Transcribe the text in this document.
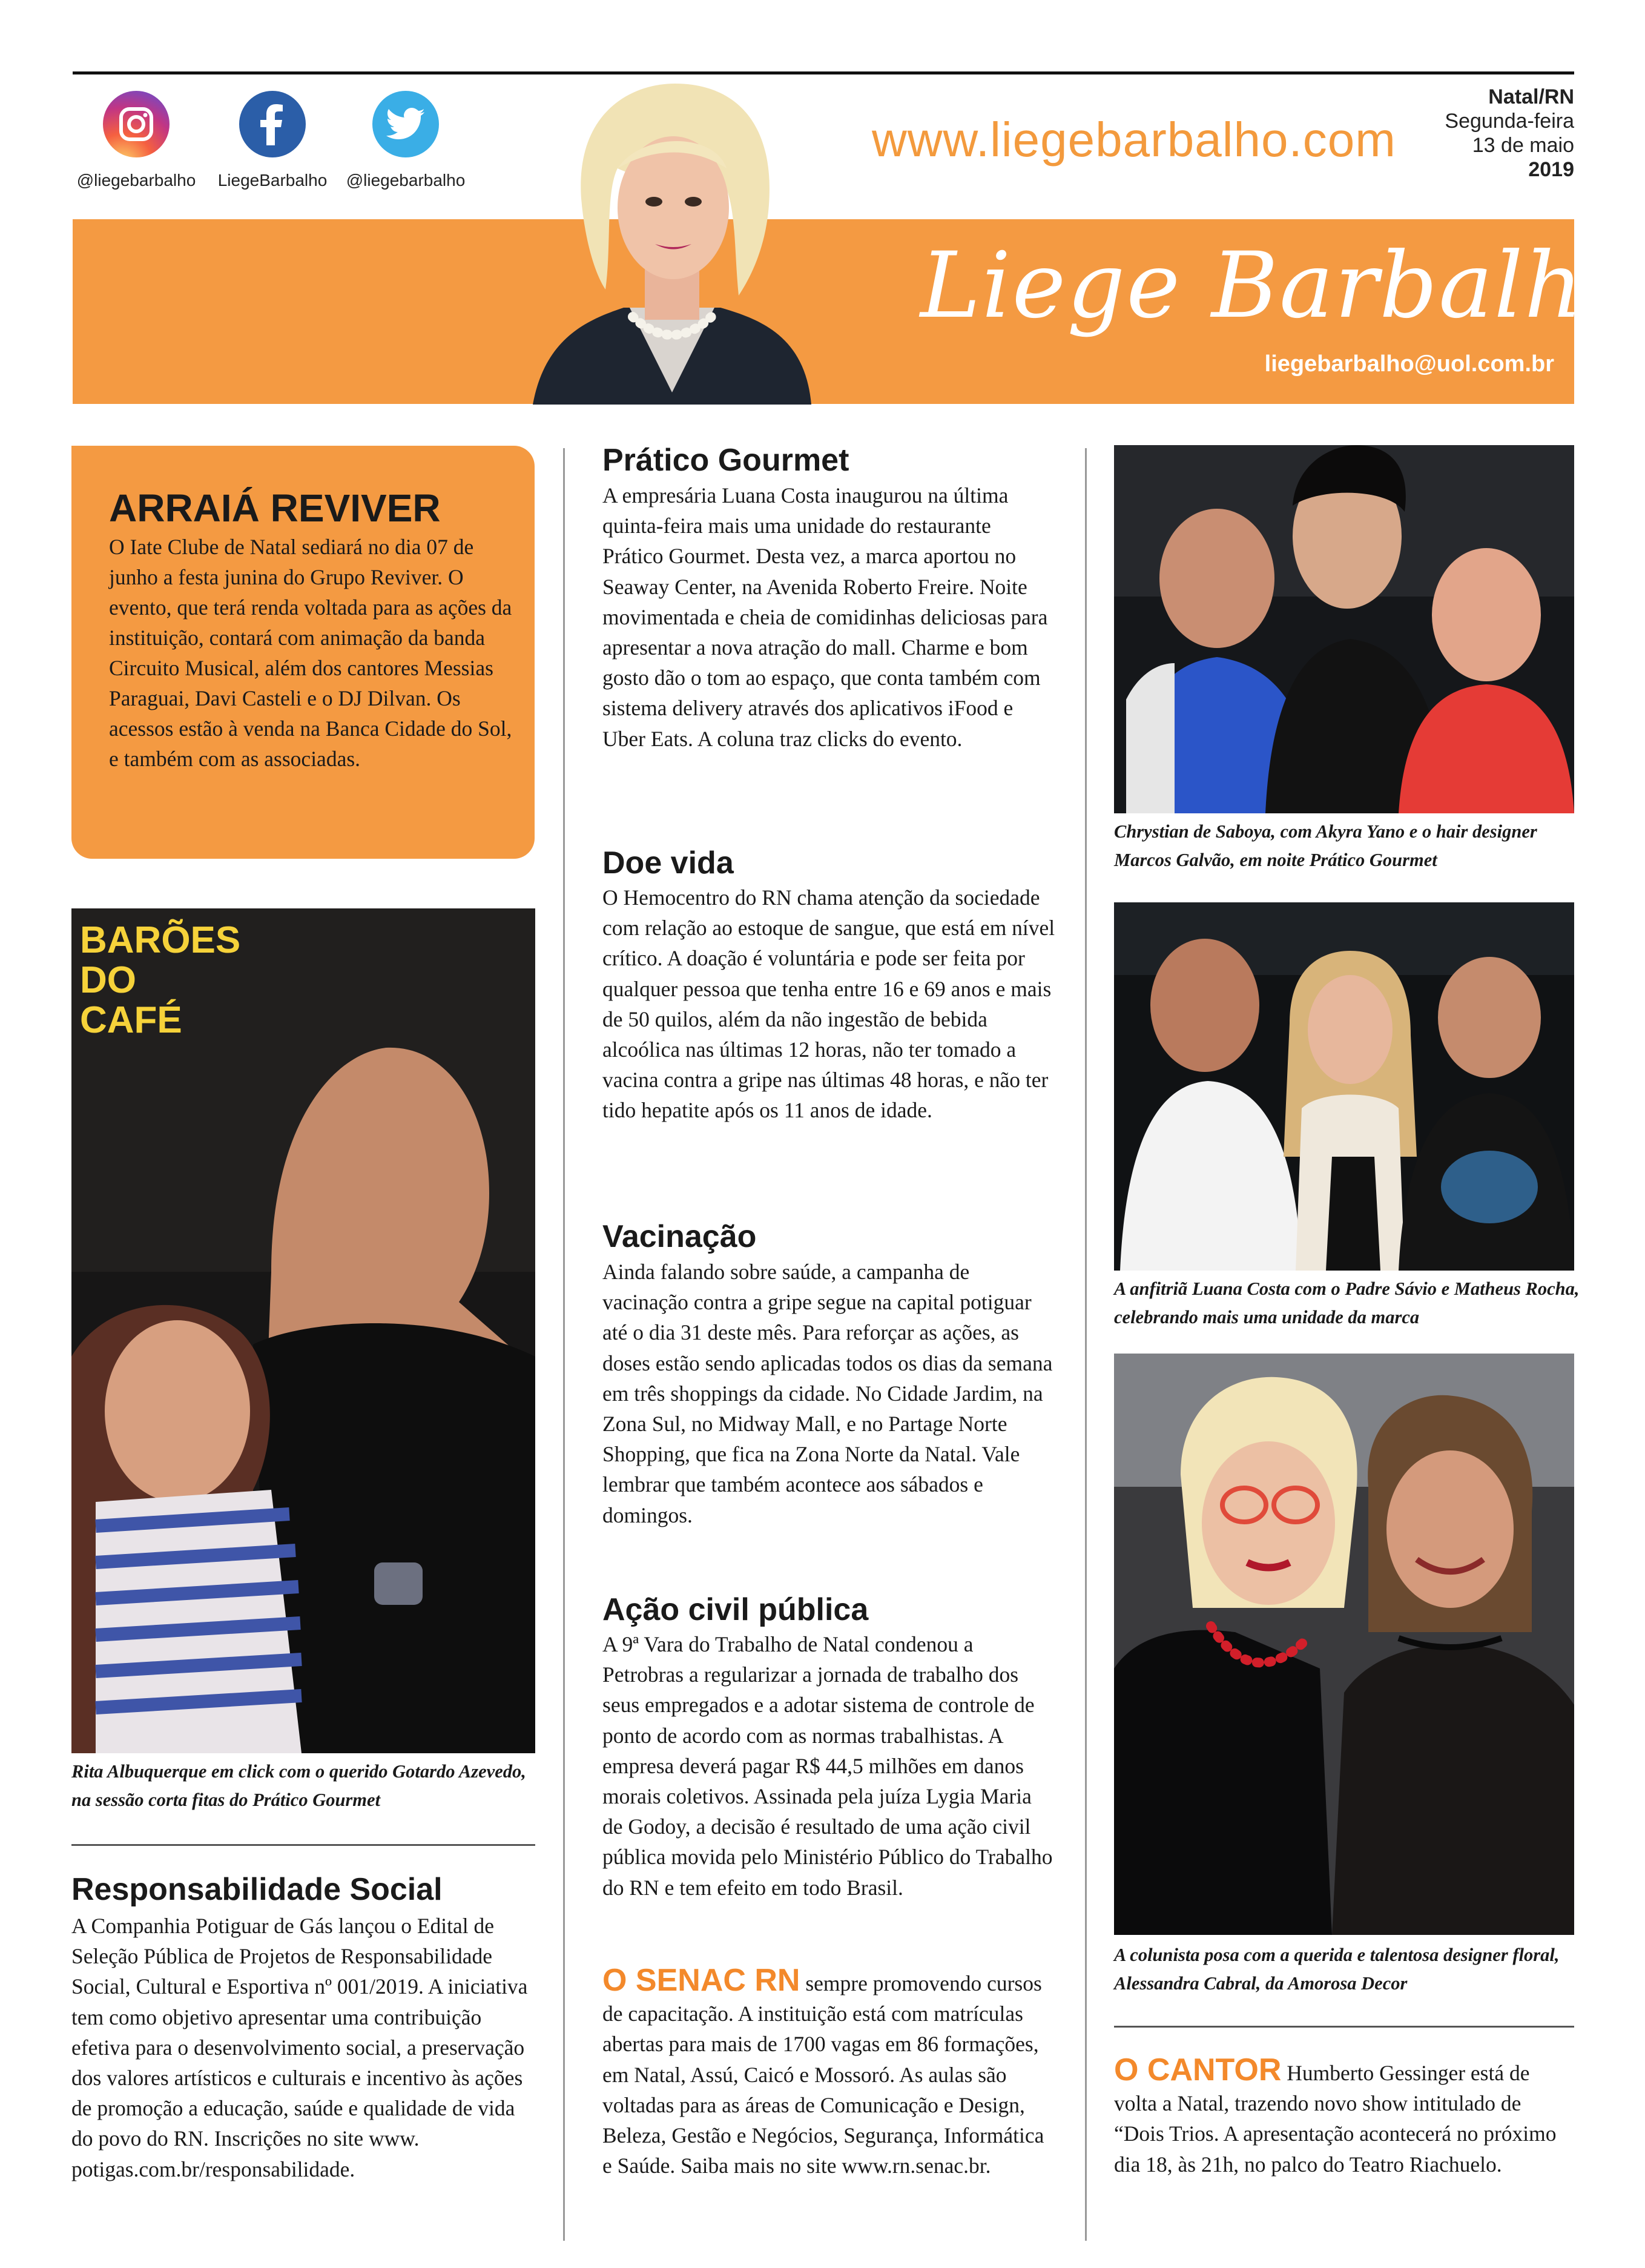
@liegebarbalho	LiegeBarbalho	@liegebarbalho
www.liegebarbalho.com
Natal/RN
Segunda-feira
13 de maio
2019
Liege Barbalho
liegebarbalho@uol.com.br
ARRAIÁ REVIVER

O Iate Clube de Natal sediará no dia 07 de junho a festa junina do Grupo Reviver. O evento, que terá renda voltada para as ações da instituição, contará com animação da banda Circuito Musical, além dos cantores Messias Paraguai, Davi Casteli e o DJ Dilvan. Os acessos estão à venda na Banca Cidade do Sol, e também com as associadas.

BARÕES DO CAFÉ
Rita Albuquerque em click com o querido Gotardo Azevedo, na sessão corta fitas do Prático Gourmet
Responsabilidade Social
A Companhia Potiguar de Gás lançou o Edital de Seleção Pública de Projetos de Responsabilidade Social, Cultural e Esportiva nº 001/2019. A iniciativa tem como objetivo apresentar uma contribuição efetiva para o desenvolvimento social, a preservação dos valores artísticos e culturais e incentivo às ações de promoção a educação, saúde e qualidade de vida do povo do RN. Inscrições no site www. potigas.com.br/responsabilidade.
Prático Gourmet
A empresária Luana Costa inaugurou na última quinta-feira mais uma unidade do restaurante Prático Gourmet. Desta vez, a marca aportou no Seaway Center, na Avenida Roberto Freire. Noite movimentada e cheia de comidinhas deliciosas para apresentar a nova atração do mall. Charme e bom gosto dão o tom ao espaço, que conta também com sistema delivery através dos aplicativos iFood e Uber Eats. A coluna traz clicks do evento.
Doe vida
O Hemocentro do RN chama atenção da sociedade com relação ao estoque de sangue, que está em nível crítico. A doação é voluntária e pode ser feita por qualquer pessoa que tenha entre 16 e 69 anos e mais de 50 quilos, além da não ingestão de bebida alcoólica nas últimas 12 horas, não ter tomado a vacina contra a gripe nas últimas 48 horas, e não ter tido hepatite após os 11 anos de idade.
Vacinação
Ainda falando sobre saúde, a campanha de vacinação contra a gripe segue na capital potiguar até o dia 31 deste mês. Para reforçar as ações, as doses estão sendo aplicadas todos os dias da semana em três shoppings da cidade. No Cidade Jardim, na Zona Sul, no Midway Mall, e no Partage Norte Shopping, que fica na Zona Norte da Natal. Vale lembrar que também acontece aos sábados e domingos.
Ação civil pública
A 9ª Vara do Trabalho de Natal condenou a Petrobras a regularizar a jornada de trabalho dos seus empregados e a adotar sistema de controle de ponto de acordo com as normas trabalhistas. A empresa deverá pagar R$ 44,5 milhões em danos morais coletivos. Assinada pela juíza Lygia Maria de Godoy, a decisão é resultado de uma ação civil pública movida pelo Ministério Público do Trabalho do RN e tem efeito em todo Brasil.
O SENAC RN sempre promovendo cursos de capacitação. A instituição está com matrículas abertas para mais de 1700 vagas em 86 formações, em Natal, Assú, Caicó e Mossoró. As aulas são voltadas para as áreas de Comunicação e Design, Beleza, Gestão e Negócios, Segurança, Informática e Saúde. Saiba mais no site www.rn.senac.br.
Chrystian de Saboya, com Akyra Yano e o hair designer Marcos Galvão, em noite Prático Gourmet
A anfitriã Luana Costa com o Padre Sávio e Matheus Rocha, celebrando mais uma unidade da marca
A colunista posa com a querida e talentosa designer floral, Alessandra Cabral, da Amorosa Decor
O CANTOR Humberto Gessinger está de volta a Natal, trazendo novo show intitulado de “Dois Trios. A apresentação acontecerá no próximo dia 18, às 21h, no palco do Teatro Riachuelo.
